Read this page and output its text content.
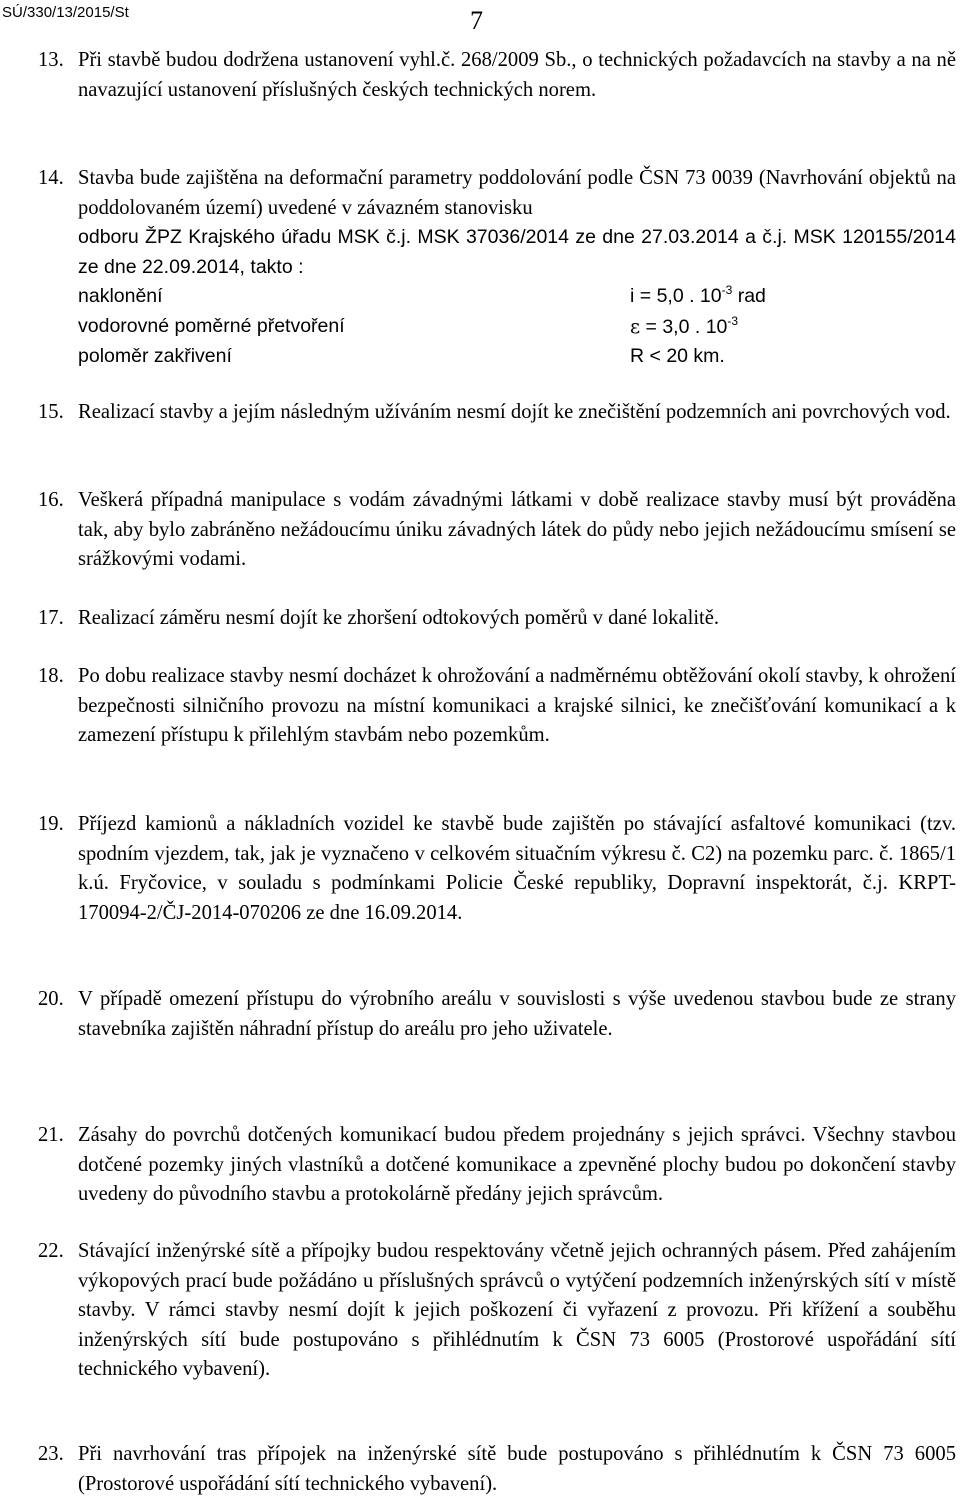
SÚ/330/13/2015/St	7
13. Při stavbě budou dodržena ustanovení vyhl.č. 268/2009 Sb., o technických požadavcích na stavby a na ně navazující ustanovení příslušných českých technických norem.
14. Stavba bude zajištěna na deformační parametry poddolování podle ČSN 73 0039 (Navrhování objektů na poddolovaném území) uvedené v závazném stanovisku
odboru ŽPZ Krajského úřadu MSK č.j. MSK 37036/2014 ze dne 27.03.2014 a č.j. MSK 120155/2014 ze dne 22.09.2014, takto :
naklonění	i = 5,0 . $10^{-3}$ rad
vodorovné poměrné přetvoření	ε = 3,0 . $10^{-3}$
poloměr zakřivení	R < 20 km.
15. Realizací stavby a jejím následným užíváním nesmí dojít ke znečištění podzemních ani povrchových vod.
16. Veškerá případná manipulace s vodám závadnými látkami v době realizace stavby musí být prováděna tak, aby bylo zabráněno nežádoucímu úniku závadných látek do půdy nebo jejich nežádoucímu smísení se srážkovými vodami.
17. Realizací záměru nesmí dojít ke zhoršení odtokových poměrů v dané lokalitě.
18. Po dobu realizace stavby nesmí docházet k ohrožování a nadměrnému obtěžování okolí stavby, k ohrožení bezpečnosti silničního provozu na místní komunikaci a krajské silnici, ke znečišťování komunikací a k zamezení přístupu k přilehlým stavbám nebo pozemkům.
19. Příjezd kamionů a nákladních vozidel ke stavbě bude zajištěn po stávající asfaltové komunikaci (tzv. spodním vjezdem, tak, jak je vyznačeno v celkovém situačním výkresu č. C2) na pozemku parc. č. 1865/1 k.ú. Fryčovice, v souladu s podmínkami Policie České republiky, Dopravní inspektorát, č.j. KRPT-170094-2/ČJ-2014-070206 ze dne 16.09.2014.
20. V případě omezení přístupu do výrobního areálu v souvislosti s výše uvedenou stavbou bude ze strany stavebníka zajištěn náhradní přístup do areálu pro jeho uživatele.
21. Zásahy do povrchů dotčených komunikací budou předem projednány s jejich správci. Všechny stavbou dotčené pozemky jiných vlastníků a dotčené komunikace a zpevněné plochy budou po dokončení stavby uvedeny do původního stavbu a protokolárně předány jejich správcům.
22. Stávající inženýrské sítě a přípojky budou respektovány včetně jejich ochranných pásem. Před zahájením výkopových prací bude požádáno u příslušných správců o vytýčení podzemních inženýrských sítí v místě stavby. V rámci stavby nesmí dojít k jejich poškození či vyřazení z provozu. Při křížení a souběhu inženýrských sítí bude postupováno s přihlédnutím k ČSN 73 6005 (Prostorové uspořádání sítí technického vybavení).
23. Při navrhování tras přípojek na inženýrské sítě bude postupováno s přihlédnutím k ČSN 73 6005 (Prostorové uspořádání sítí technického vybavení).
